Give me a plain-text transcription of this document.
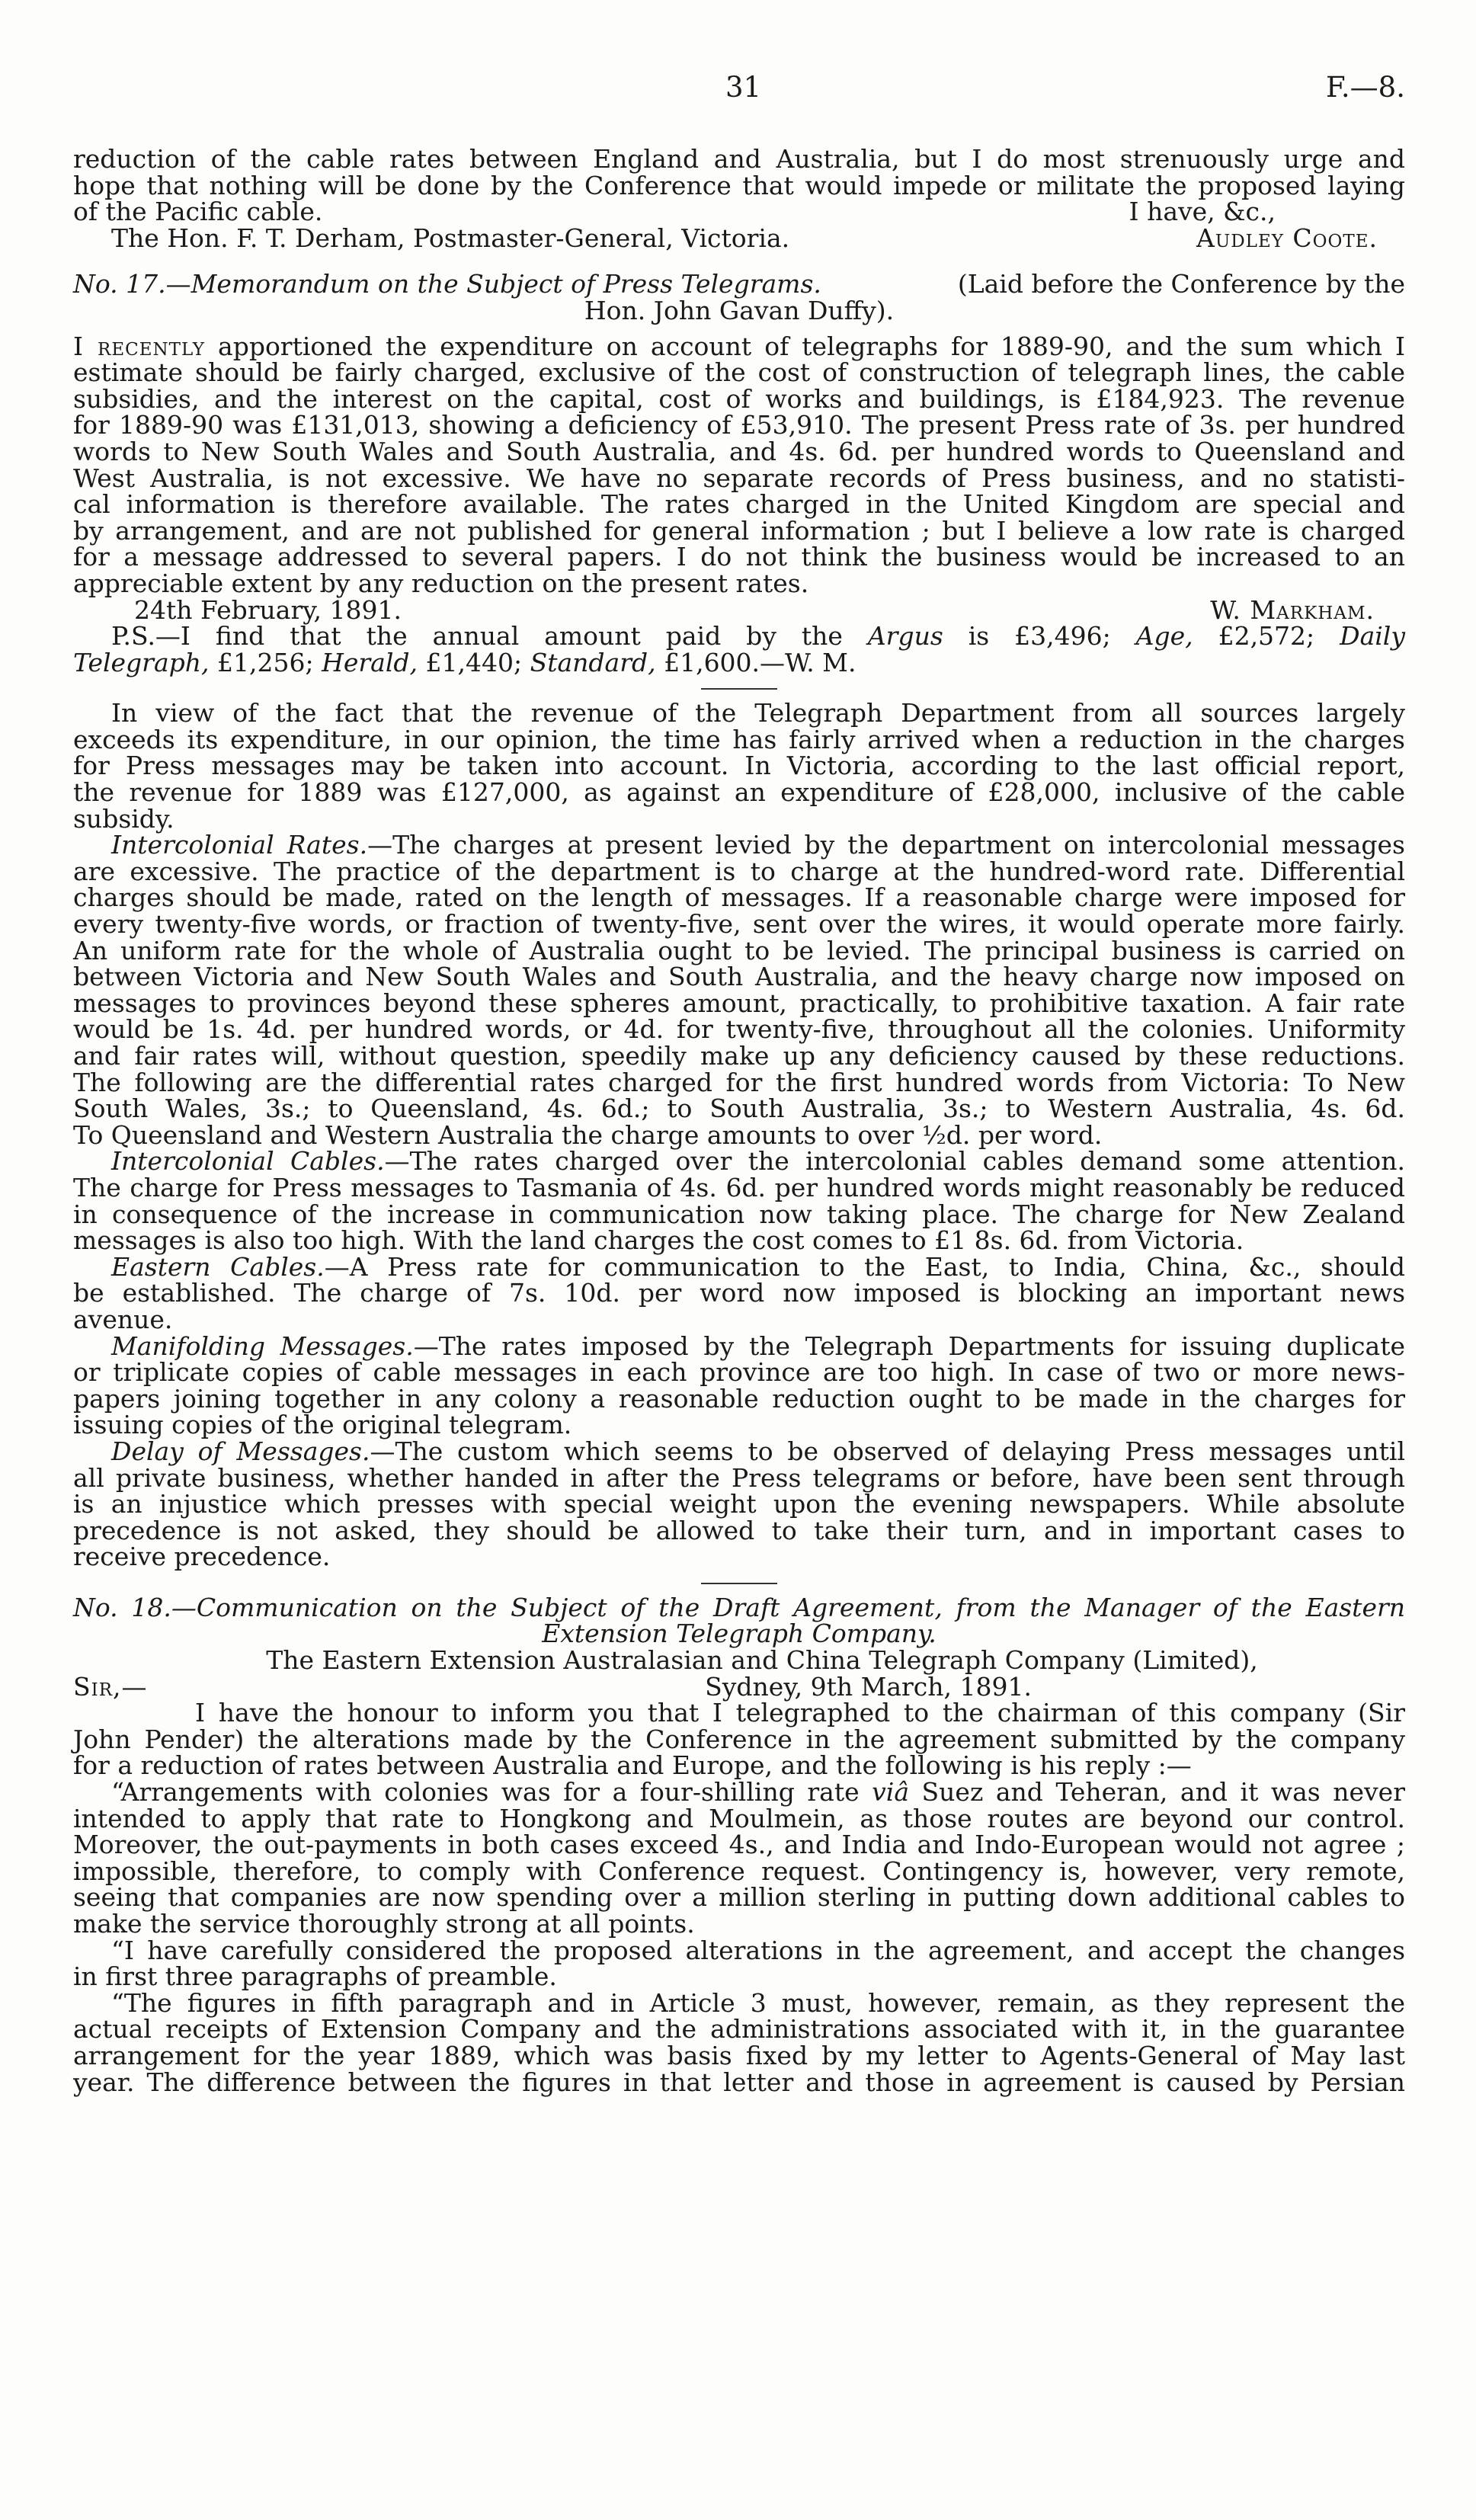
31	F.—8.

reduction of the cable rates between England and Australia, but I do most strenuously urge and

hope that nothing will be done by the Conference that would impede or militate the proposed laying

of the Pacific cable.	I have, &c.,
The Hon. F. T. Derham, Postmaster-General, Victoria.	Audley Coote.
No. 17.—Memorandum on the Subject of Press Telegrams.	(Laid before the Conference by the

Hon. John Gavan Duffy).

I recently apportioned the expenditure on account of telegraphs for 1889-90, and the sum which I

estimate should be fairly charged, exclusive of the cost of construction of telegraph lines, the cable

subsidies, and the interest on the capital, cost of works and buildings, is £184,923. The revenue

for 1889-90 was £131,013, showing a deficiency of £53,910. The present Press rate of 3s. per hundred

words to New South Wales and South Australia, and 4s. 6d. per hundred words to Queensland and

West Australia, is not excessive. We have no separate records of Press business, and no statisti-

cal information is therefore available. The rates charged in the United Kingdom are special and

by arrangement, and are not published for general information ; but I believe a low rate is charged

for a message addressed to several papers. I do not think the business would be increased to an

appreciable extent by any reduction on the present rates.

24th February, 1891.	W. Markham.

P.S.—I find that the annual amount paid by the Argus is £3,496; Age, £2,572; Daily

Telegraph, £1,256; Herald, £1,440; Standard, £1,600.—W. M.

In view of the fact that the revenue of the Telegraph Department from all sources largely

exceeds its expenditure, in our opinion, the time has fairly arrived when a reduction in the charges

for Press messages may be taken into account. In Victoria, according to the last official report,

the revenue for 1889 was £127,000, as against an expenditure of £28,000, inclusive of the cable

subsidy.

Intercolonial Rates.—The charges at present levied by the department on intercolonial messages

are excessive. The practice of the department is to charge at the hundred-word rate. Differential

charges should be made, rated on the length of messages. If a reasonable charge were imposed for

every twenty-five words, or fraction of twenty-five, sent over the wires, it would operate more fairly.

An uniform rate for the whole of Australia ought to be levied. The principal business is carried on

between Victoria and New South Wales and South Australia, and the heavy charge now imposed on

messages to provinces beyond these spheres amount, practically, to prohibitive taxation. A fair rate

would be 1s. 4d. per hundred words, or 4d. for twenty-five, throughout all the colonies. Uniformity

and fair rates will, without question, speedily make up any deficiency caused by these reductions.

The following are the differential rates charged for the first hundred words from Victoria: To New

South Wales, 3s.; to Queensland, 4s. 6d.; to South Australia, 3s.; to Western Australia, 4s. 6d.

To Queensland and Western Australia the charge amounts to over ½d. per word.

Intercolonial Cables.—The rates charged over the intercolonial cables demand some attention.

The charge for Press messages to Tasmania of 4s. 6d. per hundred words might reasonably be reduced

in consequence of the increase in communication now taking place. The charge for New Zealand

messages is also too high. With the land charges the cost comes to £1 8s. 6d. from Victoria.

Eastern Cables.—A Press rate for communication to the East, to India, China, &c., should

be established. The charge of 7s. 10d. per word now imposed is blocking an important news

avenue.

Manifolding Messages.—The rates imposed by the Telegraph Departments for issuing duplicate

or triplicate copies of cable messages in each province are too high. In case of two or more news-

papers joining together in any colony a reasonable reduction ought to be made in the charges for

issuing copies of the original telegram.

Delay of Messages.—The custom which seems to be observed of delaying Press messages until

all private business, whether handed in after the Press telegrams or before, have been sent through

is an injustice which presses with special weight upon the evening newspapers. While absolute

precedence is not asked, they should be allowed to take their turn, and in important cases to

receive precedence.

No. 18.—Communication on the Subject of the Draft Agreement, from the Manager of the Eastern

Extension Telegraph Company.

The Eastern Extension Australasian and China Telegraph Company (Limited),

Sir,—	Sydney, 9th March, 1891.

I have the honour to inform you that I telegraphed to the chairman of this company (Sir

John Pender) the alterations made by the Conference in the agreement submitted by the company

for a reduction of rates between Australia and Europe, and the following is his reply :—

“Arrangements with colonies was for a four-shilling rate viâ Suez and Teheran, and it was never

intended to apply that rate to Hongkong and Moulmein, as those routes are beyond our control.

Moreover, the out-payments in both cases exceed 4s., and India and Indo-European would not agree ;

impossible, therefore, to comply with Conference request. Contingency is, however, very remote,

seeing that companies are now spending over a million sterling in putting down additional cables to

make the service thoroughly strong at all points.

“I have carefully considered the proposed alterations in the agreement, and accept the changes

in first three paragraphs of preamble.

“The figures in fifth paragraph and in Article 3 must, however, remain, as they represent the

actual receipts of Extension Company and the administrations associated with it, in the guarantee

arrangement for the year 1889, which was basis fixed by my letter to Agents-General of May last

year. The difference between the figures in that letter and those in agreement is caused by Persian
